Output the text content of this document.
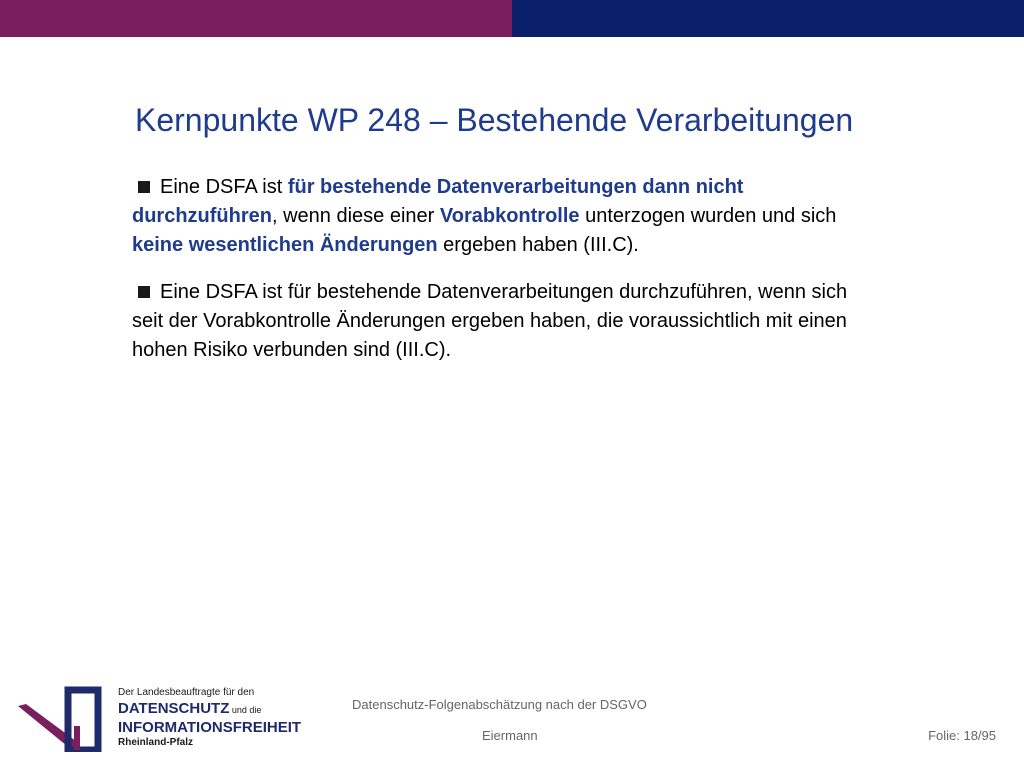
Kernpunkte WP 248 – Bestehende Verarbeitungen

Eine DSFA ist für bestehende Datenverarbeitungen dann nicht durchzuführen, wenn diese einer Vorabkontrolle unterzogen wurden und sich keine wesentlichen Änderungen ergeben haben (III.C).

Eine DSFA ist für bestehende Datenverarbeitungen durchzuführen, wenn sich seit der Vorabkontrolle Änderungen ergeben haben, die voraussichtlich mit einen hohen Risiko verbunden sind (III.C).

Der Landesbeauftragte für den
DATENSCHUTZ und die
INFORMATIONSFREIHEIT
Rheinland-Pfalz
Datenschutz-Folgenabschätzung nach der DSGVO
Eiermann	Folie: 18/95
